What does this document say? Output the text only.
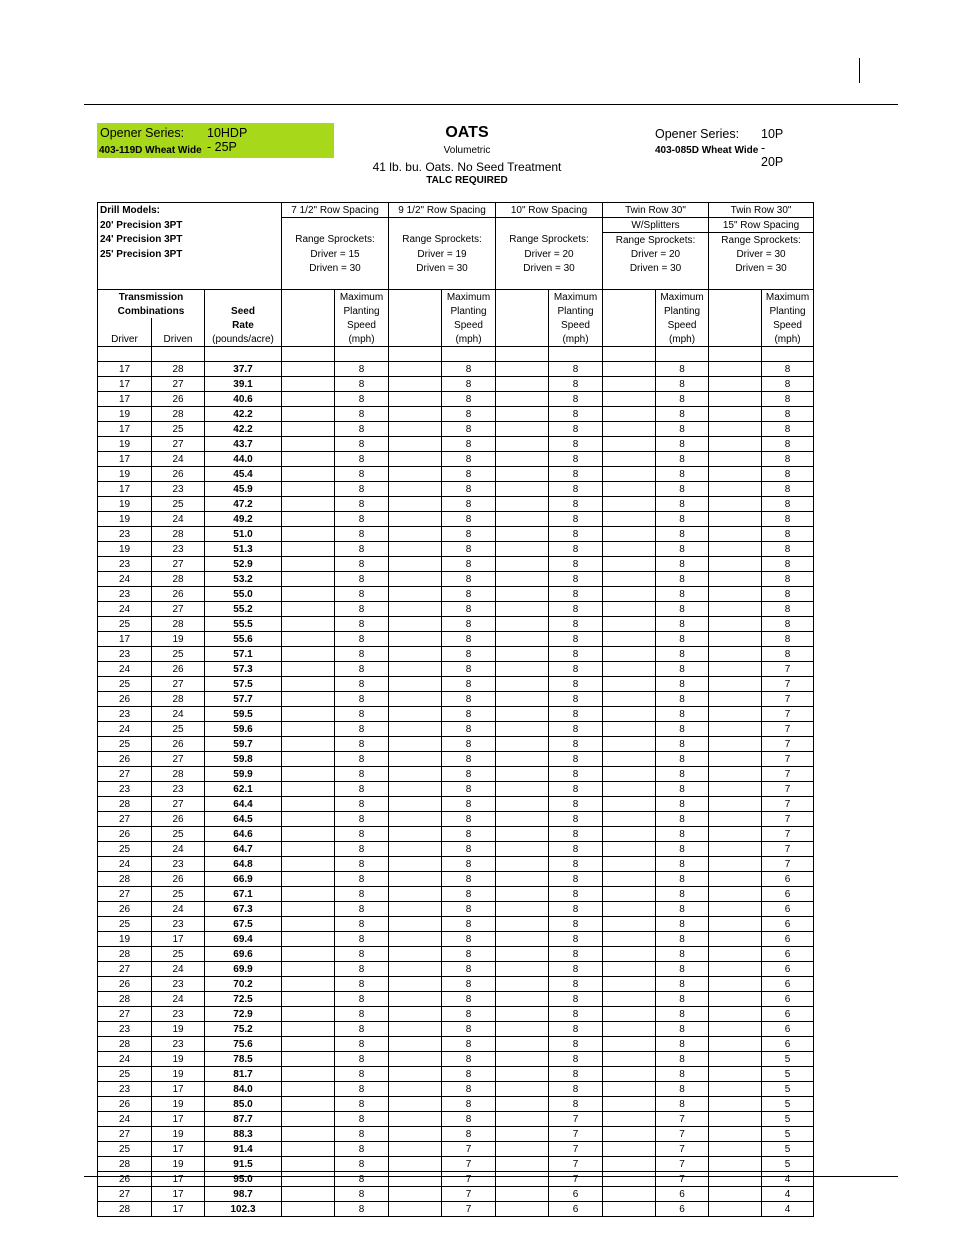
Opener Series: 10HDP - 25P
403-119D Wheat Wide
Opener Series: 10P - 20P
403-085D Wheat Wide
OATS
Volumetric
41 lb. bu. Oats. No Seed Treatment
TALC REQUIRED
Drill Models:			7 1/2" Row Spacing		9 1/2" Row Spacing		10" Row Spacing		Twin Row 30"		Twin Row 30"	
20' Precision 3PT									W/Splitters		15" Row Spacing	
24' Precision 3PT			Range Sprockets:		Range Sprockets:		Range Sprockets:		Range Sprockets:		Range Sprockets:	
25' Precision 3PT			Driver = 15		Driver = 19		Driver = 20		Driver = 20		Driver = 30	
			Driven = 30		Driven = 30		Driven = 30		Driven = 30		Driven = 30	

Transmission				Maximum		Maximum		Maximum		Maximum		Maximum
Combinations		Seed		Planting		Planting		Planting		Planting		Planting
		Rate		Speed		Speed		Speed		Speed		Speed
Driver	Driven	(pounds/acre)		(mph)		(mph)		(mph)		(mph)		(mph)

17	28	37.7		8		8		8		8		8
17	27	39.1		8		8		8		8		8
17	26	40.6		8		8		8		8		8
19	28	42.2		8		8		8		8		8
17	25	42.2		8		8		8		8		8
19	27	43.7		8		8		8		8		8
17	24	44.0		8		8		8		8		8
19	26	45.4		8		8		8		8		8
17	23	45.9		8		8		8		8		8
19	25	47.2		8		8		8		8		8
19	24	49.2		8		8		8		8		8
23	28	51.0		8		8		8		8		8
19	23	51.3		8		8		8		8		8
23	27	52.9		8		8		8		8		8
24	28	53.2		8		8		8		8		8
23	26	55.0		8		8		8		8		8
24	27	55.2		8		8		8		8		8
25	28	55.5		8		8		8		8		8
17	19	55.6		8		8		8		8		8
23	25	57.1		8		8		8		8		8
24	26	57.3		8		8		8		8		7
25	27	57.5		8		8		8		8		7
26	28	57.7		8		8		8		8		7
23	24	59.5		8		8		8		8		7
24	25	59.6		8		8		8		8		7
25	26	59.7		8		8		8		8		7
26	27	59.8		8		8		8		8		7
27	28	59.9		8		8		8		8		7
23	23	62.1		8		8		8		8		7
28	27	64.4		8		8		8		8		7
27	26	64.5		8		8		8		8		7
26	25	64.6		8		8		8		8		7
25	24	64.7		8		8		8		8		7
24	23	64.8		8		8		8		8		7
28	26	66.9		8		8		8		8		6
27	25	67.1		8		8		8		8		6
26	24	67.3		8		8		8		8		6
25	23	67.5		8		8		8		8		6
19	17	69.4		8		8		8		8		6
28	25	69.6		8		8		8		8		6
27	24	69.9		8		8		8		8		6
26	23	70.2		8		8		8		8		6
28	24	72.5		8		8		8		8		6
27	23	72.9		8		8		8		8		6
23	19	75.2		8		8		8		8		6
28	23	75.6		8		8		8		8		6
24	19	78.5		8		8		8		8		5
25	19	81.7		8		8		8		8		5
23	17	84.0		8		8		8		8		5
26	19	85.0		8		8		8		8		5
24	17	87.7		8		8		7		7		5
27	19	88.3		8		8		7		7		5
25	17	91.4		8		7		7		7		5
28	19	91.5		8		7		7		7		5
26	17	95.0		8		7		7		7		4
27	17	98.7		8		7		6		6		4
28	17	102.3		8		7		6		6		4
